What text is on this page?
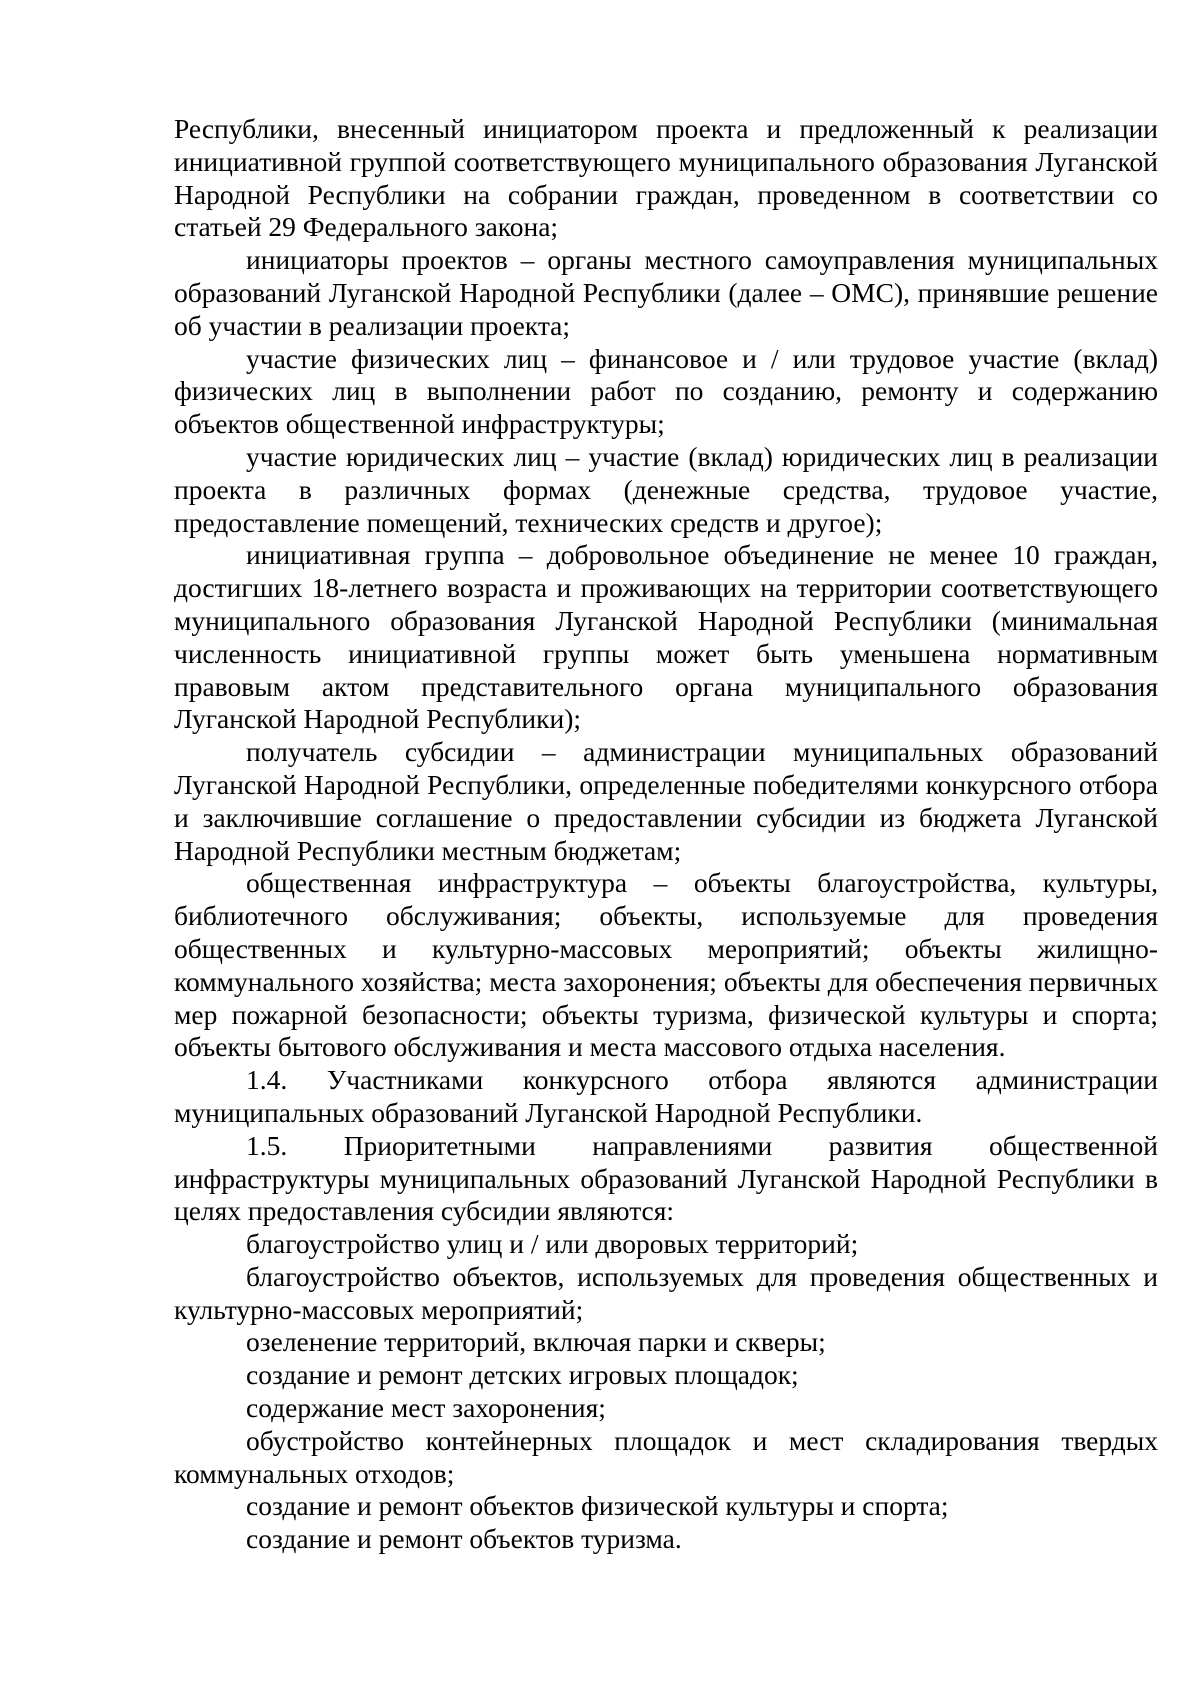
Республики, внесенный инициатором проекта и предложенный к реализации инициативной группой соответствующего муниципального образования Луганской Народной Республики на собрании граждан, проведенном в соответствии со статьей 29 Федерального закона;

инициаторы проектов – органы местного самоуправления муниципальных образований Луганской Народной Республики (далее – ОМС), принявшие решение об участии в реализации проекта;

участие физических лиц – финансовое и / или трудовое участие (вклад) физических лиц в выполнении работ по созданию, ремонту и содержанию объектов общественной инфраструктуры;

участие юридических лиц – участие (вклад) юридических лиц в реализации проекта в различных формах (денежные средства, трудовое участие, предоставление помещений, технических средств и другое);

инициативная группа – добровольное объединение не менее 10 граждан, достигших 18-летнего возраста и проживающих на территории соответствующего муниципального образования Луганской Народной Республики (минимальная численность инициативной группы может быть уменьшена нормативным правовым актом представительного органа муниципального образования Луганской Народной Республики);

получатель субсидии – администрации муниципальных образований Луганской Народной Республики, определенные победителями конкурсного отбора и заключившие соглашение о предоставлении субсидии из бюджета Луганской Народной Республики местным бюджетам;

общественная инфраструктура – объекты благоустройства, культуры, библиотечного обслуживания; объекты, используемые для проведения общественных и культурно-массовых мероприятий; объекты жилищно-коммунального хозяйства; места захоронения; объекты для обеспечения первичных мер пожарной безопасности; объекты туризма, физической культуры и спорта; объекты бытового обслуживания и места массового отдыха населения.

1.4. Участниками конкурсного отбора являются администрации муниципальных образований Луганской Народной Республики.

1.5. Приоритетными направлениями развития общественной инфраструктуры муниципальных образований Луганской Народной Республики в целях предоставления субсидии являются:

благоустройство улиц и / или дворовых территорий;

благоустройство объектов, используемых для проведения общественных и культурно-массовых мероприятий;

озеленение территорий, включая парки и скверы;

создание и ремонт детских игровых площадок;

содержание мест захоронения;

обустройство контейнерных площадок и мест складирования твердых коммунальных отходов;

создание и ремонт объектов физической культуры и спорта;

создание и ремонт объектов туризма.
